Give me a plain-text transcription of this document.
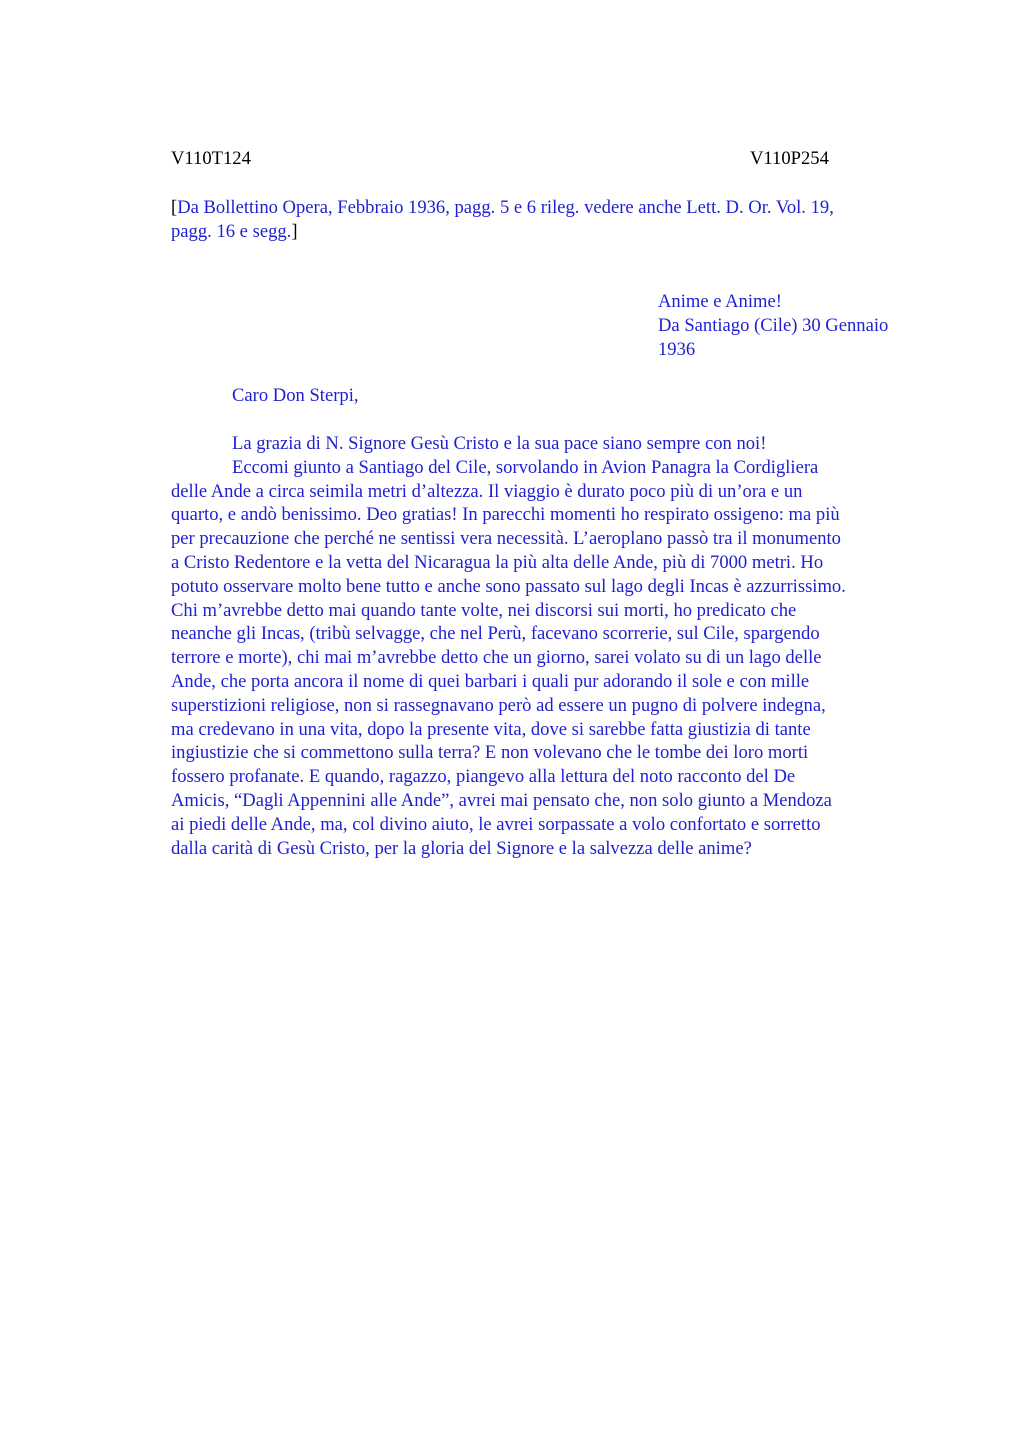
V110T124	V110P254
[Da Bollettino Opera, Febbraio 1936, pagg. 5 e 6 rileg. vedere anche Lett. D. Or. Vol. 19,
pagg. 16 e segg.]
Anime e Anime!
Da Santiago (Cile) 30 Gennaio
1936
Caro Don Sterpi,
La grazia di N. Signore Gesù Cristo e la sua pace siano sempre con noi!
Eccomi giunto a Santiago del Cile, sorvolando in Avion Panagra la Cordigliera
delle Ande a circa seimila metri d’altezza. Il viaggio è durato poco più di un’ora e un
quarto, e andò benissimo. Deo gratias! In parecchi momenti ho respirato ossigeno: ma più
per precauzione che perché ne sentissi vera necessità. L’aeroplano passò tra il monumento
a Cristo Redentore e la vetta del Nicaragua la più alta delle Ande, più di 7000 metri. Ho
potuto osservare molto bene tutto e anche sono passato sul lago degli Incas è azzurrissimo.
Chi m’avrebbe detto mai quando tante volte, nei discorsi sui morti, ho predicato che
neanche gli Incas, (tribù selvagge, che nel Perù, facevano scorrerie, sul Cile, spargendo
terrore e morte), chi mai m’avrebbe detto che un giorno, sarei volato su di un lago delle
Ande, che porta ancora il nome di quei barbari i quali pur adorando il sole e con mille
superstizioni religiose, non si rassegnavano però ad essere un pugno di polvere indegna,
ma credevano in una vita, dopo la presente vita, dove si sarebbe fatta giustizia di tante
ingiustizie che si commettono sulla terra? E non volevano che le tombe dei loro morti
fossero profanate. E quando, ragazzo, piangevo alla lettura del noto racconto del De
Amicis, “Dagli Appennini alle Ande”, avrei mai pensato che, non solo giunto a Mendoza
ai piedi delle Ande, ma, col divino aiuto, le avrei sorpassate a volo confortato e sorretto
dalla carità di Gesù Cristo, per la gloria del Signore e la salvezza delle anime?
